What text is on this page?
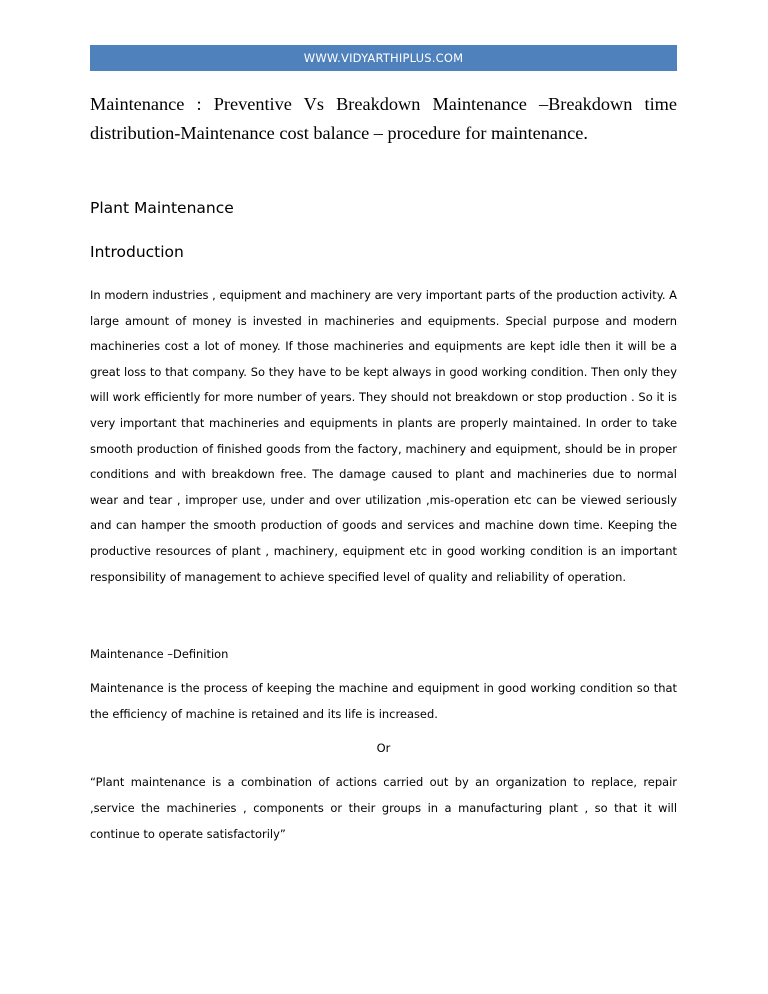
WWW.VIDYARTHIPLUS.COM
Maintenance : Preventive Vs Breakdown Maintenance –Breakdown time distribution-Maintenance cost balance – procedure for maintenance.
Plant Maintenance
Introduction
In modern industries , equipment and machinery are very important parts of the production activity. A large amount of money is invested in machineries and equipments. Special purpose and modern machineries cost a lot of money. If those machineries and equipments are kept idle then it will be a great loss to that company. So they have to be kept always in good working condition. Then only they will work efficiently for more number of years. They should not breakdown or stop production . So it is very important that machineries and equipments in plants are properly maintained. In order to take smooth production of finished goods from the factory, machinery and equipment, should be in proper conditions and with breakdown free. The damage caused to plant and machineries due to normal wear and tear , improper use, under and over utilization ,mis-operation etc can be viewed seriously and can hamper the smooth production of goods and services and machine down time. Keeping the productive resources of plant , machinery, equipment etc in good working condition is an important responsibility of management to achieve specified level of quality and reliability of operation.
Maintenance –Definition
Maintenance is the process of keeping the machine and equipment in good working condition so that the efficiency of machine is retained and its life is increased.
Or
“Plant maintenance is a combination of actions carried out by an organization to replace, repair ,service the machineries , components or their groups in a manufacturing plant , so that it will continue to operate satisfactorily”
